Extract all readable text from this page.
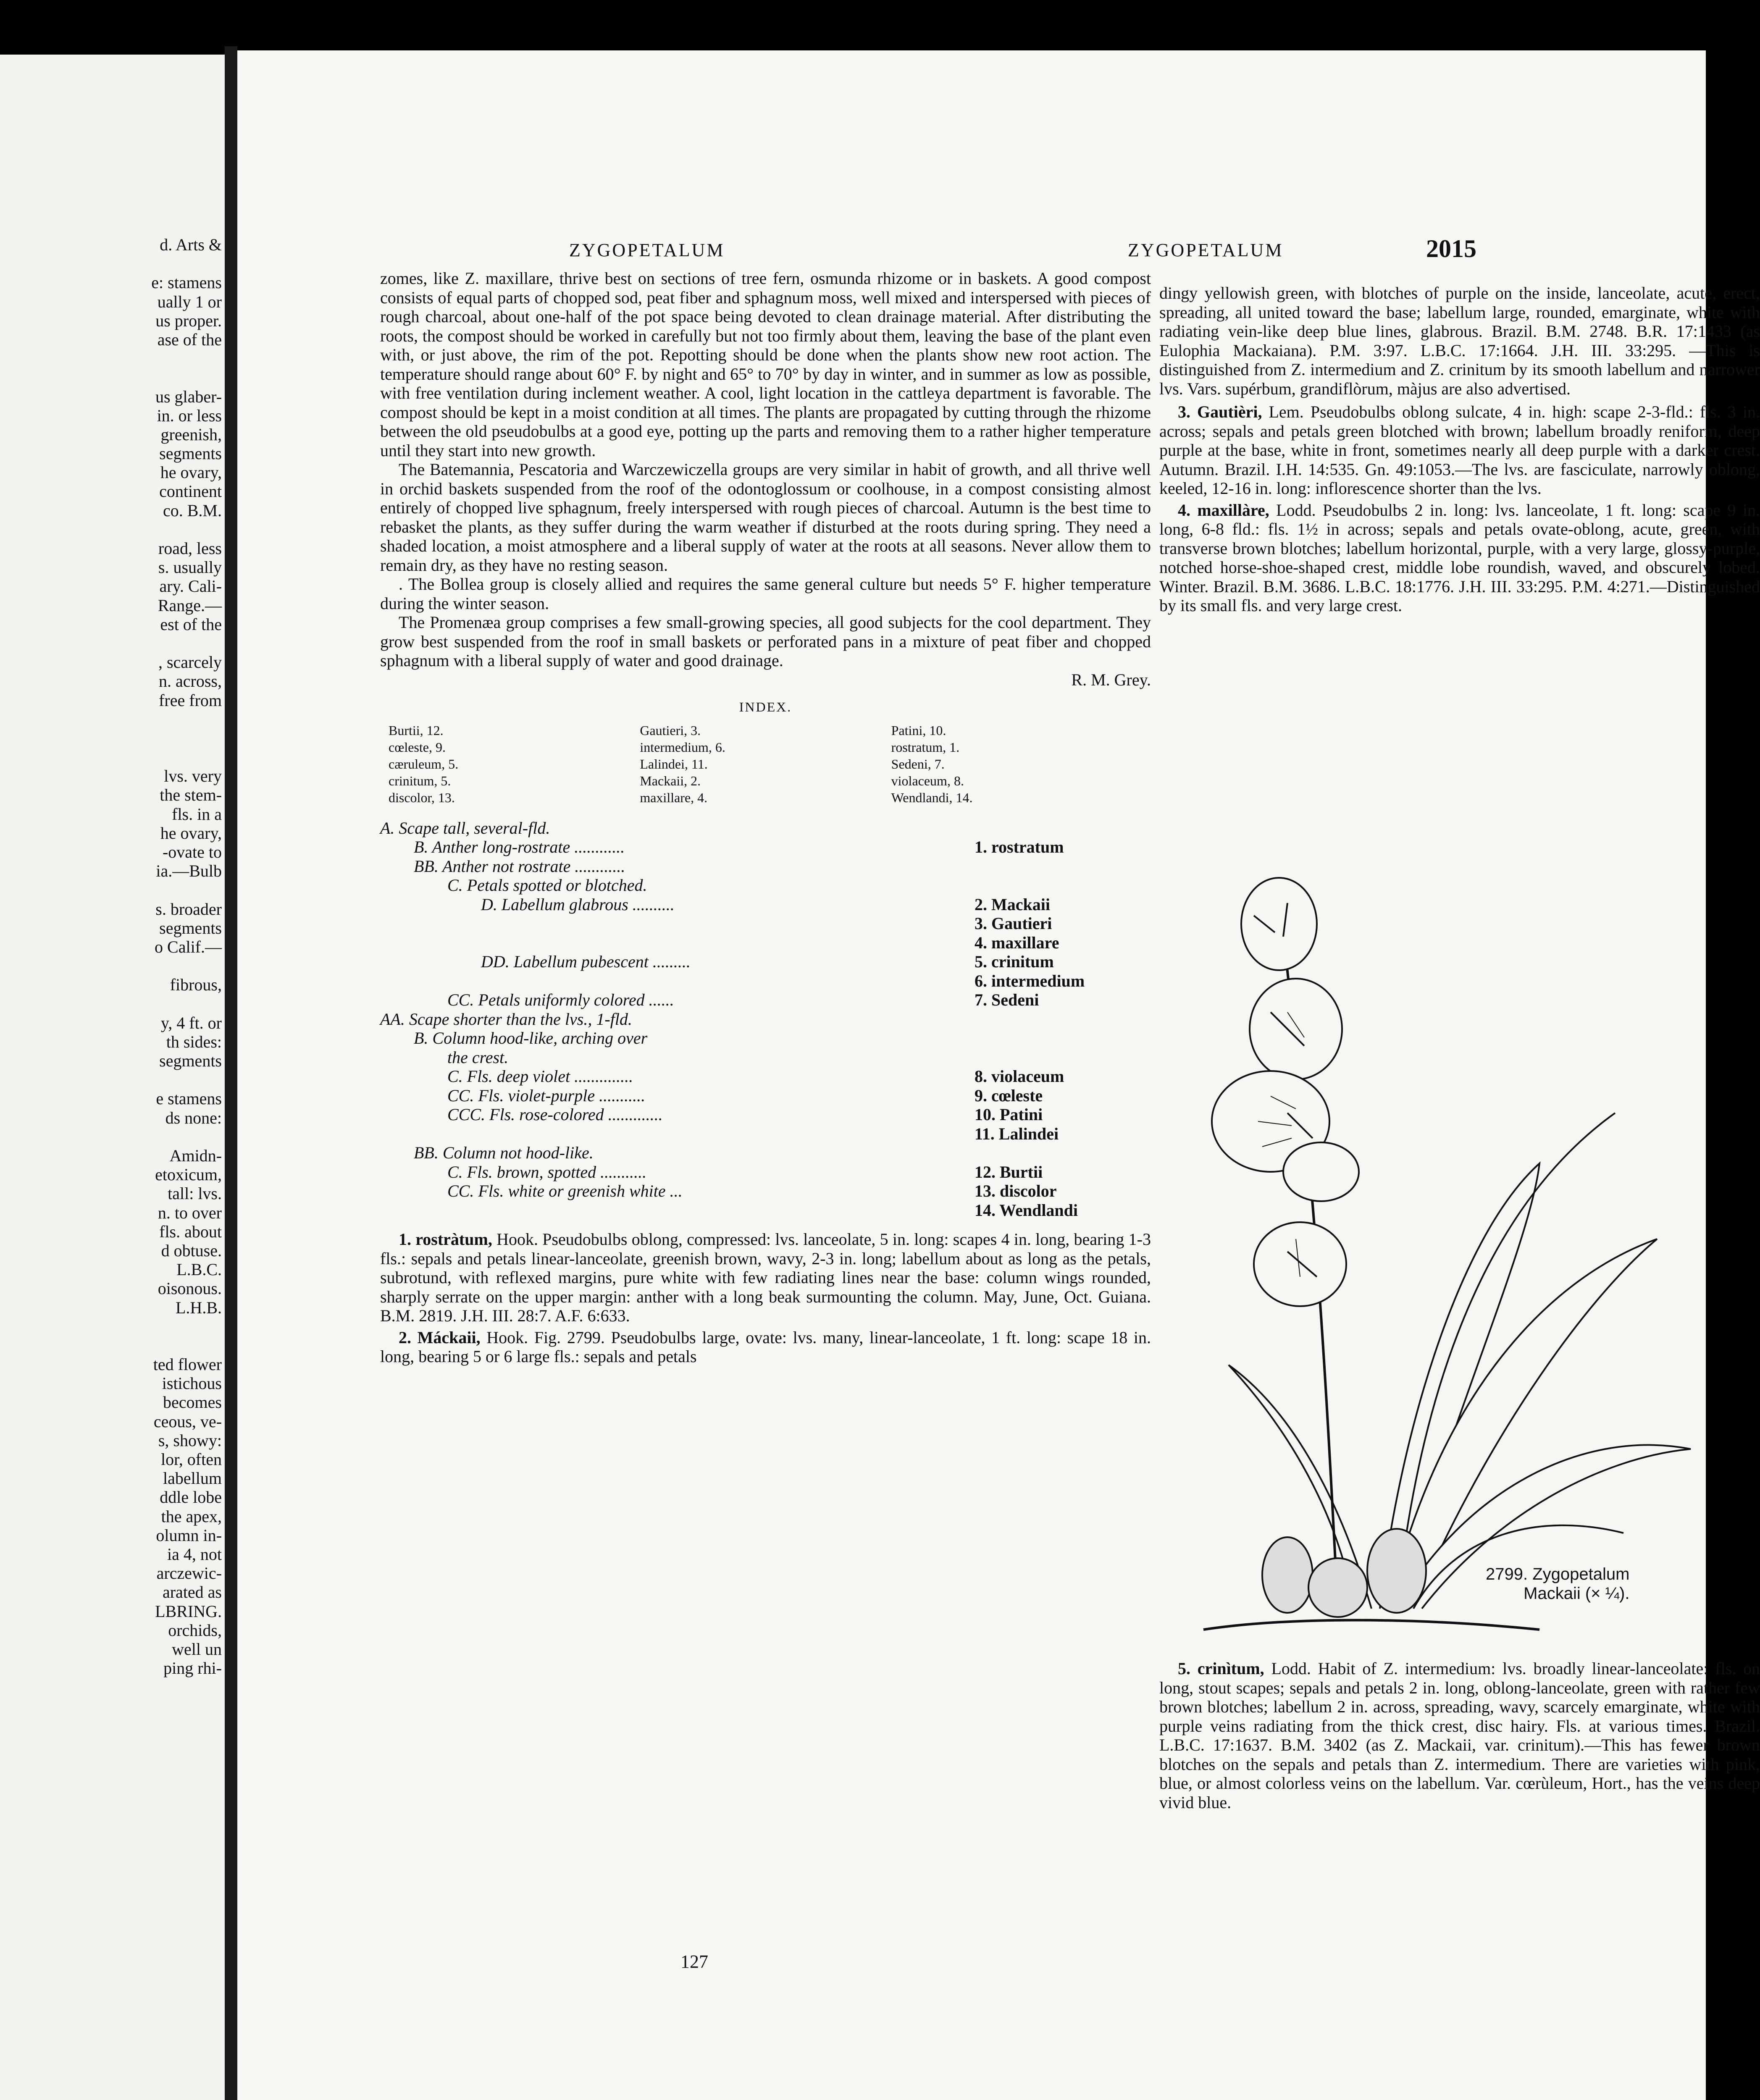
d. Arts &
e: stamens
ually 1 or
us proper.
ase of the
us glaber-
in. or less
greenish,
segments
he ovary,
continent
co. B.M.
road, less
s. usually
ary. Cali-
Range.—
est of the
, scarcely
n. across,
free from
lvs. very
the stem-
fls. in a
he ovary,
-ovate to
ia.—Bulb
s. broader
segments
o Calif.—
fibrous,
y, 4 ft. or
th sides:
segments
e stamens
ds none:
Amidn-
etoxicum,
tall: lvs.
n. to over
fls. about
d obtuse.
L.B.C.
oisonous.
L.H.B.
ted flower
istichous
becomes
ceous, ve-
s, showy:
lor, often
labellum
ddle lobe
the apex,
olumn in-
ia 4, not
arczewic-
arated as
LBRING.
orchids,
well un
ping rhi-
ZYGOPETALUM	ZYGOPETALUM	2015

zomes, like Z. maxillare, thrive best on sections of tree fern, osmunda rhizome or in baskets. A good compost consists of equal parts of chopped sod, peat fiber and sphagnum moss, well mixed and interspersed with pieces of rough charcoal, about one-half of the pot space being devoted to clean drainage material. After distributing the roots, the compost should be worked in carefully but not too firmly about them, leaving the base of the plant even with, or just above, the rim of the pot. Repotting should be done when the plants show new root action. The temperature should range about 60° F. by night and 65° to 70° by day in winter, and in summer as low as possible, with free ventilation during inclement weather. A cool, light location in the cattleya department is favorable. The compost should be kept in a moist condition at all times. The plants are propagated by cutting through the rhizome between the old pseudobulbs at a good eye, potting up the parts and removing them to a rather higher temperature until they start into new growth.

The Batemannia, Pescatoria and Warczewiczella groups are very similar in habit of growth, and all thrive well in orchid baskets suspended from the roof of the odontoglossum or coolhouse, in a compost consisting almost entirely of chopped live sphagnum, freely interspersed with rough pieces of charcoal. Autumn is the best time to rebasket the plants, as they suffer during the warm weather if disturbed at the roots during spring. They need a shaded location, a moist atmosphere and a liberal supply of water at the roots at all seasons. Never allow them to remain dry, as they have no resting season.

. The Bollea group is closely allied and requires the same general culture but needs 5° F. higher temperature during the winter season.

The Promenæa group comprises a few small-growing species, all good subjects for the cool department. They grow best suspended from the roof in small baskets or perforated pans in a mixture of peat fiber and chopped sphagnum with a liberal supply of water and good drainage.

R. M. Grey.
INDEX.
Burtii, 12.	Gautieri, 3.	Patini, 10.
cœleste, 9.	intermedium, 6.	rostratum, 1.
cæruleum, 5.	Lalindei, 11.	Sedeni, 7.
crinitum, 5.	Mackaii, 2.	violaceum, 8.
discolor, 13.	maxillare, 4.	Wendlandi, 14.
A. Scape tall, several-fld.
B. Anther long-rostrate ............	1. rostratum
BB. Anther not rostrate ............
C. Petals spotted or blotched.
D. Labellum glabrous ..........	2. Mackaii
3. Gautieri
4. maxillare
DD. Labellum pubescent .........	5. crinitum
6. intermedium
CC. Petals uniformly colored ......	7. Sedeni
AA. Scape shorter than the lvs., 1-fld.
B. Column hood-like, arching over
the crest.
C. Fls. deep violet ..............	8. violaceum
CC. Fls. violet-purple ...........	9. cœleste
CCC. Fls. rose-colored .............	10. Patini
11. Lalindei
BB. Column not hood-like.
C. Fls. brown, spotted ...........	12. Burtii
CC. Fls. white or greenish white ...	13. discolor
14. Wendlandi

1. rostràtum, Hook. Pseudobulbs oblong, compressed: lvs. lanceolate, 5 in. long: scapes 4 in. long, bearing 1-3 fls.: sepals and petals linear-lanceolate, greenish brown, wavy, 2-3 in. long; labellum about as long as the petals, subrotund, with reflexed margins, pure white with few radiating lines near the base: column wings rounded, sharply serrate on the upper margin: anther with a long beak surmounting the column. May, June, Oct. Guiana. B.M. 2819. J.H. III. 28:7. A.F. 6:633.

2. Máckaii, Hook. Fig. 2799. Pseudobulbs large, ovate: lvs. many, linear-lanceolate, 1 ft. long: scape 18 in. long, bearing 5 or 6 large fls.: sepals and petals

127

dingy yellowish green, with blotches of purple on the inside, lanceolate, acute, erect, spreading, all united toward the base; labellum large, rounded, emarginate, white with radiating vein-like deep blue lines, glabrous. Brazil. B.M. 2748. B.R. 17:1433 (as Eulophia Mackaiana). P.M. 3:97. L.B.C. 17:1664. J.H. III. 33:295. —This is distinguished from Z. intermedium and Z. crinitum by its smooth labellum and narrower lvs. Vars. supérbum, grandiflòrum, màjus are also advertised.

3. Gautièri, Lem. Pseudobulbs oblong sulcate, 4 in. high: scape 2-3-fld.: fls. 3 in. across; sepals and petals green blotched with brown; labellum broadly reniform, deep purple at the base, white in front, sometimes nearly all deep purple with a darker crest. Autumn. Brazil. I.H. 14:535. Gn. 49:1053.—The lvs. are fasciculate, narrowly oblong, keeled, 12-16 in. long: inflorescence shorter than the lvs.

4. maxillàre, Lodd. Pseudobulbs 2 in. long: lvs. lanceolate, 1 ft. long: scape 9 in. long, 6-8 fld.: fls. 1½ in across; sepals and petals ovate-oblong, acute, green, with transverse brown blotches; labellum horizontal, purple, with a very large, glossy-purple, notched horse-shoe-shaped crest, middle lobe roundish, waved, and obscurely lobed. Winter. Brazil. B.M. 3686. L.B.C. 18:1776. J.H. III. 33:295. P.M. 4:271.—Distinguished by its small fls. and very large crest.

2799. Zygopetalum
Mackaii (× ¼).

5. crinìtum, Lodd. Habit of Z. intermedium: lvs. broadly linear-lanceolate: fls. on long, stout scapes; sepals and petals 2 in. long, oblong-lanceolate, green with rather few brown blotches; labellum 2 in. across, spreading, wavy, scarcely emarginate, white with purple veins radiating from the thick crest, disc hairy. Fls. at various times. Brazil. L.B.C. 17:1637. B.M. 3402 (as Z. Mackaii, var. crinitum).—This has fewer brown blotches on the sepals and petals than Z. intermedium. There are varieties with pink, blue, or almost colorless veins on the labellum. Var. cœrùleum, Hort., has the veins deep vivid blue.
